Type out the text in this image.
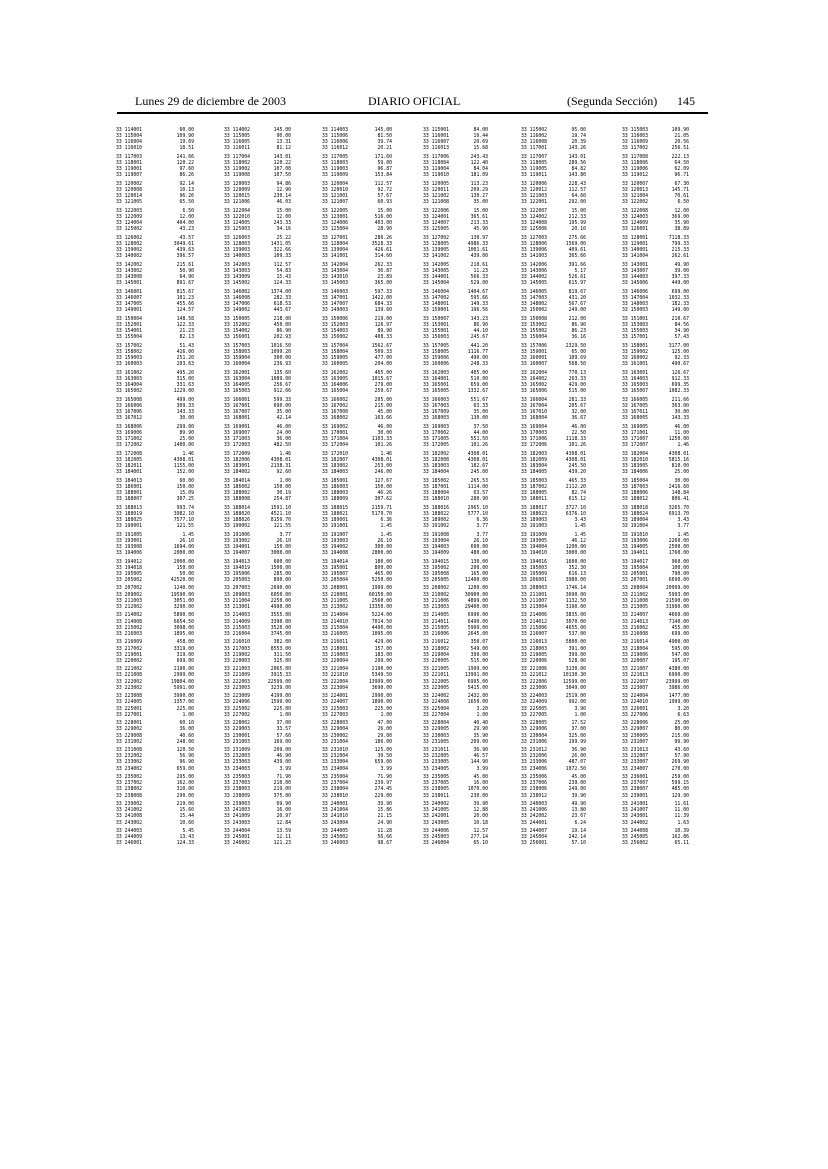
Lunes 29 de diciembre de 2003	DIARIO OFICIAL	(Segunda Sección) 145
33 114001	60.00	33 114002	145.00	33 114003	145.00	33 115001	84.00	33 115002	95.00	33 115003	109.90
33 115004	109.90	33 115005	90.00	33 115006	81.50	33 116001	19.44	33 116002	19.74	33 116003	21.05
33 116004	19.69	33 116005	13.31	33 116006	39.74	33 116007	20.69	33 116008	20.39	33 116009	20.56
33 116010	18.51	33 116011	81.12	33 116012	20.21	33 116013	15.68	33 117001	143.26	33 117002	256.51
33 117003	241.66	33 117004	143.01	33 117005	171.60	33 117006	243.43	33 117007	143.01	33 117008	222.13
33 118001	120.22	33 118002	120.22	33 118003	59.00	33 118004	122.40	33 118005	289.56	33 118006	64.50
33 119001	97.60	33 119002	107.08	33 119003	96.87	33 119004	84.04	33 119005	84.82	33 119006	62.09
33 119007	86.26	33 119008	107.50	33 119009	153.84	33 119010	181.09	33 119011	143.80	33 119012	96.71
33 120002	92.14	33 120003	94.86	33 120004	112.57	33 120005	113.23	33 120006	228.43	33 120007	67.30
33 120008	10.13	33 120009	12.90	33 120010	92.72	33 120011	209.29	33 120012	112.57	33 120013	145.71
33 120014	96.26	33 120015	230.14	33 121001	57.67	33 121002	130.27	33 121003	64.60	33 121004	70.61
33 121005	65.50	33 121006	46.03	33 121007	60.93	33 121008	35.00	33 122001	292.00	33 122002	6.50
33 122003	6.50	33 122004	15.00	33 122005	15.00	33 122006	15.00	33 122007	15.00	33 122008	12.00
33 122009	12.00	33 122010	12.00	33 123001	516.00	33 124001	365.61	33 124002	212.33	33 124003	369.00
33 124004	404.00	33 124005	243.33	33 124006	403.00	33 124007	213.33	33 124008	195.99	33 124009	35.90
33 125002	43.23	33 125003	34.16	33 125004	28.90	33 125005	45.90	33 125006	20.10	33 126001	38.89
33 126002	43.57	33 126003	25.22	33 127001	286.26	33 127002	130.97	33 127003	275.66	33 128001	7118.33
33 128002	3049.61	33 128003	1431.05	33 128004	3528.33	33 128005	4986.33	33 128006	1569.00	33 129001	799.33
33 139002	439.63	33 139003	322.66	33 139004	426.61	33 139005	1001.61	33 139006	409.61	33 140001	215.33
33 140002	396.57	33 140003	109.33	33 141001	314.60	33 141002	439.00	33 141003	365.66	33 141004	262.61
33 142002	215.61	33 142003	112.57	33 142004	262.33	33 142005	210.61	33 142006	391.66	33 143001	49.90
33 143002	50.90	33 143003	54.83	33 143004	36.87	33 143005	11.23	33 143006	5.17	33 143007	39.00
33 143008	64.90	33 143009	15.43	33 143010	23.89	33 144001	566.33	33 144002	526.61	33 144003	397.33
33 145001	891.67	33 145002	124.33	33 145003	365.00	33 145004	529.00	33 145005	615.97	33 145006	449.00
33 146001	815.67	33 146002	1374.00	33 146003	597.33	33 146004	1404.67	33 146005	819.67	33 146006	699.00
33 146007	101.23	33 146008	282.33	33 147001	1422.00	33 147002	595.66	33 147003	431.20	33 147004	1032.33
33 147005	455.66	33 147006	618.53	33 147007	684.33	33 148001	149.33	33 148002	567.67	33 148003	182.33
33 149001	124.57	33 149002	443.67	33 149003	139.60	33 150001	196.56	33 150002	249.00	33 150003	149.00
33 150004	148.58	33 150005	218.00	33 150006	219.00	33 150007	143.23	33 150008	212.00	33 151001	210.67
33 152001	122.33	33 152002	450.00	33 152003	126.97	33 153001	86.90	33 153002	86.90	33 153003	84.56
33 154001	21.23	33 154002	86.90	33 154003	89.90	33 155001	44.10	33 155002	86.23	33 155003	34.90
33 155004	82.13	33 156001	202.93	33 156002	408.33	33 156003	245.67	33 156004	36.16	33 157001	57.43
33 157002	51.43	33 157003	1016.50	33 157004	1562.67	33 157005	441.20	33 157006	2329.50	33 158001	3177.00
33 158002	416.00	33 158003	1099.20	33 158004	509.33	33 158005	1116.77	33 159001	65.00	33 159002	125.00
33 159003	251.20	33 159004	300.00	33 159005	477.00	33 159006	490.00	33 160001	109.69	33 160002	92.33
33 160003	203.63	33 160004	236.93	33 160005	204.00	33 160006	248.33	33 160007	568.50	33 161001	490.67
33 161002	495.20	33 162001	135.60	33 162002	465.00	33 162003	405.00	33 162004	770.13	33 163001	126.67
33 163003	315.00	33 163004	1089.00	33 163005	1015.67	33 164001	510.00	33 164002	263.33	33 164003	912.33
33 164004	331.63	33 164005	256.67	33 164006	279.00	33 165001	659.00	33 165002	429.00	33 165003	699.35
33 165002	1229.00	33 165003	912.66	33 165004	259.67	33 165005	1332.67	33 165006	515.00	33 165007	1082.33
33 165008	499.00	33 166001	599.33	33 166002	205.00	33 166003	551.67	33 166004	281.33	33 166005	211.66
33 166006	309.33	33 167001	690.00	33 167002	215.00	33 167003	63.33	33 167004	205.67	33 167005	363.00
33 167006	143.33	33 167007	35.00	33 167008	45.00	33 167009	35.00	33 167010	32.00	33 167011	30.00
33 167012	30.00	33 168001	42.14	33 168002	163.66	33 168003	130.00	33 168004	36.67	33 168005	143.33
33 168006	299.00	33 169001	46.00	33 169002	46.00	33 169003	37.50	33 169004	46.00	33 169005	46.00
33 169006	89.90	33 169007	24.00	33 170001	30.00	33 170002	44.00	33 170003	22.50	33 171001	11.00
33 171002	25.00	33 171003	36.00	33 171004	1103.33	33 171005	551.50	33 171006	1118.33	33 171007	1250.00
33 172002	1400.00	33 172003	482.50	33 172004	101.26	33 172005	101.26	33 172006	101.26	33 172007	1.46
33 172008	1.46	33 172009	1.46	33 172010	1.46	33 182002	4308.01	33 182003	4308.01	33 182004	4308.01
33 182005	4308.01	33 182006	4308.01	33 182007	4308.01	33 182008	4308.01	33 182009	4308.01	33 182010	5815.16
33 182011	1155.00	33 183001	2138.31	33 183002	253.00	33 183003	182.67	33 183004	245.50	33 183005	810.00
33 184001	152.00	33 184002	92.60	33 184003	246.00	33 184004	245.00	33 184005	439.20	33 184006	25.00
33 184013	60.00	33 184014	1.00	33 185001	127.67	33 185002	265.53	33 185003	465.33	33 185004	30.00
33 186001	150.00	33 186002	150.00	33 186003	150.00	33 187001	1114.00	33 187002	2112.20	33 187003	2416.60
33 188001	15.09	33 188002	30.19	33 188003	46.26	33 188004	63.57	33 188005	82.74	33 188006	148.84
33 188007	307.25	33 188008	254.87	33 188009	307.62	33 188010	280.90	33 188011	615.12	33 188012	806.41
33 188013	993.74	33 188014	1591.10	33 188015	2159.71	33 188016	2965.10	33 188017	3727.10	33 188018	3265.70
33 188019	3982.10	33 188020	4521.10	33 188021	5179.70	33 188022	5777.10	33 188023	6376.10	33 188024	6913.70
33 188025	7577.10	33 188026	8159.70	33 189001	6.36	33 189002	6.36	33 189003	3.43	33 189004	3.43
33 190001	121.55	33 190002	121.55	33 191001	1.45	33 191002	3.77	33 191003	1.45	33 191004	3.77
33 191005	1.45	33 191006	3.77	33 191007	1.45	33 191008	3.77	33 191009	1.45	33 191010	1.45
33 193001	26.10	33 193002	26.10	33 193003	26.10	33 193004	26.10	33 193005	46.12	33 193006	2260.00
33 193008	1694.00	33 194001	150.00	33 194002	300.00	33 194003	600.00	33 194004	1200.00	33 194005	2500.00
33 194006	2000.00	33 194007	3000.00	33 194008	2800.00	33 194009	480.00	33 194010	3000.00	33 194011	1760.00
33 194012	2000.00	33 194013	600.00	33 194014	180.00	33 194015	130.00	33 194016	1600.00	33 194017	960.00
33 194018	150.00	33 194019	1500.00	33 195001	800.00	33 195002	200.00	33 195003	352.30	33 195004	100.00
33 195005	50.00	33 195006	285.00	33 195007	465.00	33 195008	165.00	33 195009	616.13	33 205001	790.00
33 205002	42520.00	33 205003	890.00	33 205004	5250.00	33 205005	12400.00	33 206001	3980.00	33 207001	6690.00
33 207002	1240.00	33 207003	2690.00	33 208001	1999.00	33 208002	1200.00	33 208003	1746.14	33 208004	20999.00
33 209002	19590.00	33 209003	6050.00	33 210001	60150.00	33 210002	30900.00	33 211001	3690.00	33 211002	5993.00
33 211003	3051.00	33 211004	2250.00	33 211005	2560.00	33 211006	4899.00	33 211007	1132.50	33 211008	21590.00
33 212002	3290.00	33 213001	4990.00	33 213002	13350.00	33 213003	29400.00	33 213004	3190.00	33 213005	31990.00
33 214002	5890.00	33 214003	3555.00	33 214004	5224.00	33 214005	6990.00	33 214006	3835.00	33 214007	4660.00
33 214008	6654.50	33 214009	3390.00	33 214010	7014.50	33 214011	6490.00	33 214012	3070.00	33 214013	7140.00
33 215002	3098.00	33 215003	3520.00	33 215004	4490.00	33 215005	5999.00	33 215006	4655.00	33 216002	455.00
33 216003	1895.00	33 216004	3745.00	33 216005	1095.00	33 216006	2645.00	33 216007	537.00	33 216008	699.00
33 216009	458.00	33 216010	382.00	33 216011	429.00	33 216012	350.07	33 216013	5800.00	33 216014	4900.00
33 217002	3319.00	33 217003	8553.00	33 218001	157.00	33 218002	549.00	33 218003	391.00	33 218004	595.00
33 219001	319.00	33 219002	311.50	33 219003	183.00	33 219004	399.00	33 219005	399.00	33 219006	547.00
33 220002	699.00	33 220003	325.00	33 220004	299.00	33 220005	515.00	33 220006	528.00	33 220007	195.07
33 221002	2190.00	33 221003	2065.00	33 221004	2190.00	33 221005	1999.00	33 221006	3130.00	33 221007	4380.00
33 221008	2999.00	33 221009	3915.33	33 221010	5349.50	33 221011	13991.00	33 221012	10130.30	33 221013	6990.00
33 222002	19804.00	33 222003	22599.00	33 222004	13999.00	33 222005	6995.00	33 222006	12599.00	33 222007	23999.00
33 223002	5991.00	33 223003	3239.00	33 223004	3690.00	33 223005	5415.00	33 223006	3049.00	33 223007	3986.00
33 223008	3990.00	33 223009	4199.00	33 224001	2990.00	33 224002	2432.00	33 224003	2519.00	33 224004	1477.00
33 224005	1357.00	33 224006	1599.00	33 224007	1890.00	33 224008	1650.00	33 224009	992.00	33 224010	1999.00
33 225001	225.00	33 225002	225.00	33 225003	225.00	33 225004	3.20	33 225005	3.90	33 226001	3.20
33 227001	1.00	33 227002	1.00	33 227003	1.00	33 227004	1.00	33 227005	1.00	33 227006	6.63
33 228001	60.10	33 228002	37.00	33 228003	47.00	33 228004	40.40	33 228005	17.52	33 228006	25.00
33 229002	36.00	33 229003	33.57	33 229004	26.00	33 229005	29.90	33 229006	37.00	33 229007	80.00
33 229008	40.60	33 230001	57.60	33 230002	29.00	33 230003	35.90	33 230004	325.00	33 230005	215.00
33 231002	248.00	33 231003	169.00	33 231004	186.00	33 231005	209.00	33 231006	199.99	33 231007	99.90
33 231008	120.50	33 231009	209.00	33 231010	125.00	33 231011	36.90	33 231012	36.90	33 231013	43.60
33 232002	56.90	33 232003	46.90	33 232004	39.50	33 232005	46.57	33 232006	26.00	33 232007	57.90
33 233002	96.90	33 233003	439.00	33 233004	659.00	33 233005	144.90	33 233006	487.07	33 233007	269.90
33 234002	659.00	33 234003	3.99	33 234004	3.99	33 234005	3.99	33 234006	1072.50	33 234007	270.00
33 235002	295.00	33 235003	71.90	33 235004	71.90	33 235005	45.00	33 235006	45.00	33 236001	259.00
33 237002	162.00	33 237003	210.00	33 237004	239.97	33 237005	16.00	33 237006	239.00	33 237007	599.15
33 238002	310.00	33 238003	219.00	33 238004	274.45	33 238005	1070.00	33 238006	249.00	33 238007	485.00
33 238008	290.00	33 238009	375.00	33 238010	229.00	33 238011	230.00	33 238012	39.90	33 239001	129.90
33 239002	219.00	33 239003	69.90	33 240001	39.90	33 240002	39.90	33 240003	49.90	33 241001	11.61
33 241002	15.60	33 241003	16.00	33 241004	15.86	33 241005	12.88	33 241006	13.80	33 241007	11.00
33 241008	15.44	33 241009	20.97	33 241010	21.15	33 242001	20.00	33 242002	23.67	33 243001	11.39
33 243002	10.60	33 243003	12.84	33 243004	24.90	33 243005	10.18	33 244001	6.24	33 244002	1.63
33 244003	5.45	33 244004	13.59	33 244005	11.28	33 244006	12.57	33 244007	19.14	33 244008	10.39
33 244009	13.43	33 245001	12.11	33 245002	56.66	33 245003	277.14	33 245004	242.14	33 245005	162.86
33 246001	124.33	33 246002	121.23	33 246003	98.67	33 246004	65.10	33 256001	57.10	33 256002	65.11
